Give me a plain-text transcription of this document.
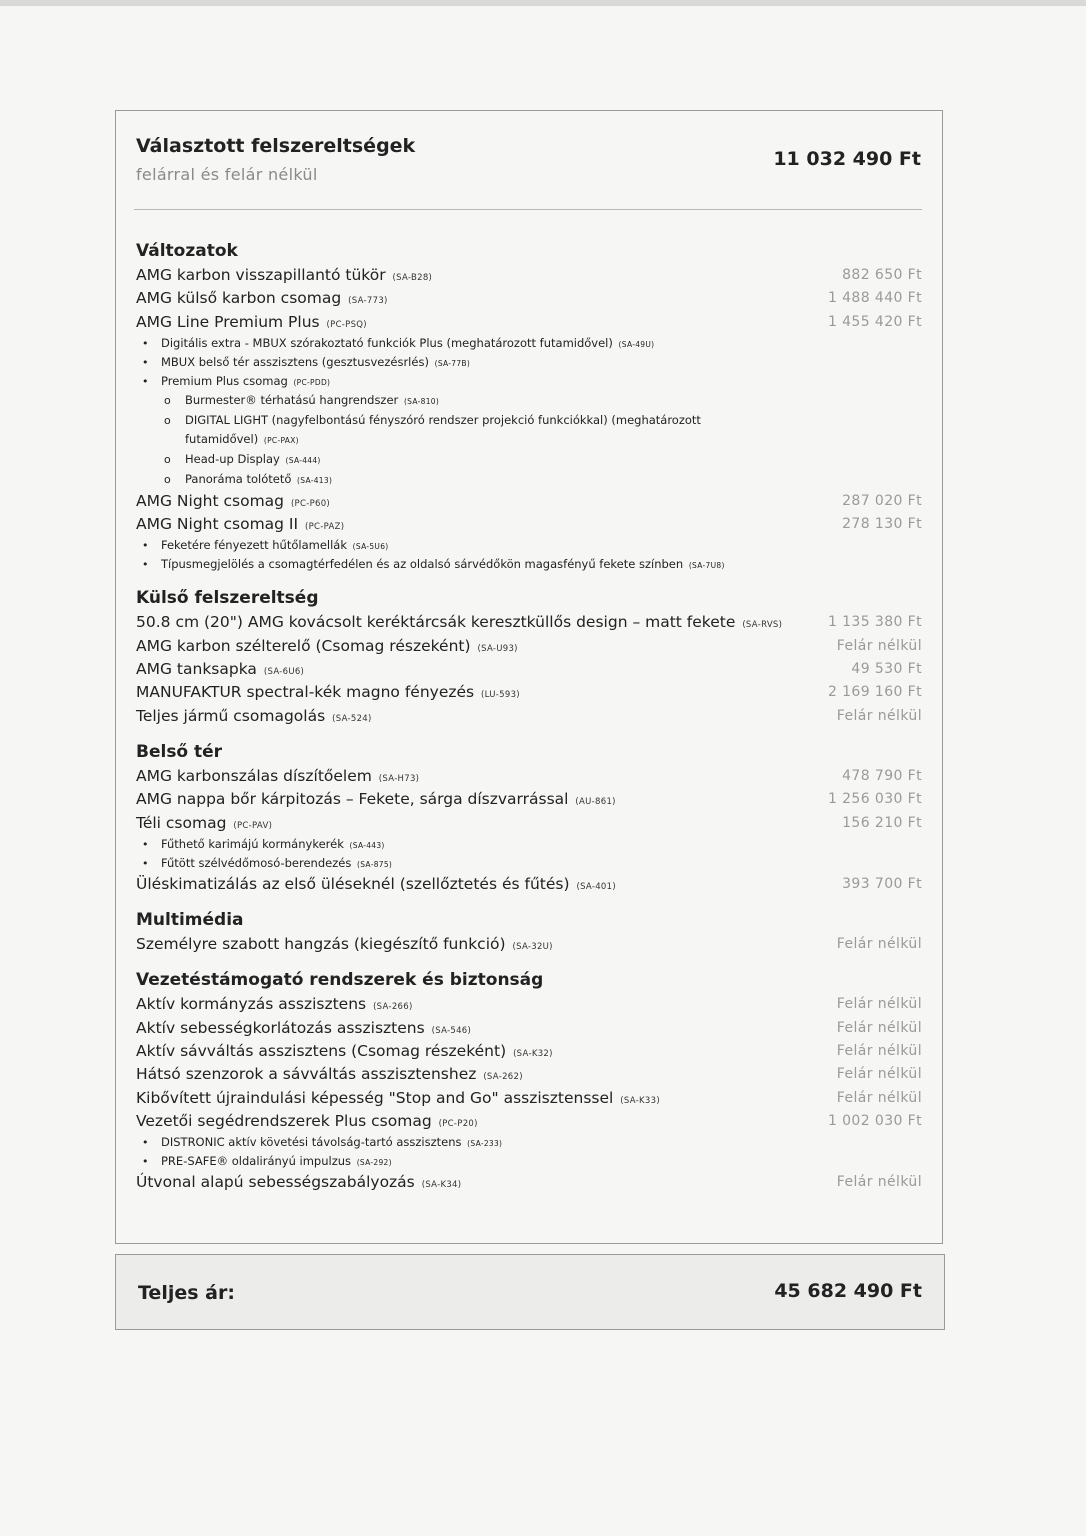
Választott felszereltségek
felárral és felár nélkül
11 032 490 Ft
Változatok
AMG karbon visszapillantó tükör (SA-B28)	882 650 Ft
AMG külső karbon csomag (SA-773)	1 488 440 Ft
AMG Line Premium Plus (PC-PSQ)	1 455 420 Ft
• Digitális extra - MBUX szórakoztató funkciók Plus (meghatározott futamidővel) (SA-49U)
• MBUX belső tér asszisztens (gesztusvezésrlés) (SA-77B)
• Premium Plus csomag (PC-PDD)
o Burmester® térhatású hangrendszer (SA-810)
o DIGITAL LIGHT (nagyfelbontású fényszóró rendszer projekció funkciókkal) (meghatározott futamidővel) (PC-PAX)
o Head-up Display (SA-444)
o Panoráma tolótető (SA-413)
AMG Night csomag (PC-P60)	287 020 Ft
AMG Night csomag II (PC-PAZ)	278 130 Ft
• Feketére fényezett hűtőlamellák (SA-5U6)
• Típusmegjelölés a csomagtérfedélen és az oldalsó sárvédőkön magasfényű fekete színben (SA-7U8)
Külső felszereltség
50.8 cm (20") AMG kovácsolt keréktárcsák keresztküllős design – matt fekete (SA-RVS)	1 135 380 Ft
AMG karbon szélterelő (Csomag részeként) (SA-U93)	Felár nélkül
AMG tanksapka (SA-6U6)	49 530 Ft
MANUFAKTUR spectral-kék magno fényezés (LU-593)	2 169 160 Ft
Teljes jármű csomagolás (SA-524)	Felár nélkül
Belső tér
AMG karbonszálas díszítőelem (SA-H73)	478 790 Ft
AMG nappa bőr kárpitozás – Fekete, sárga díszvarrással (AU-861)	1 256 030 Ft
Téli csomag (PC-PAV)	156 210 Ft
• Fűthető karimájú kormánykerék (SA-443)
• Fűtött szélvédőmosó-berendezés (SA-875)
Üléskimatizálás az első üléseknél (szellőztetés és fűtés) (SA-401)	393 700 Ft
Multimédia
Személyre szabott hangzás (kiegészítő funkció) (SA-32U)	Felár nélkül
Vezetéstámogató rendszerek és biztonság
Aktív kormányzás asszisztens (SA-266)	Felár nélkül
Aktív sebességkorlátozás asszisztens (SA-546)	Felár nélkül
Aktív sávváltás asszisztens (Csomag részeként) (SA-K32)	Felár nélkül
Hátsó szenzorok a sávváltás asszisztenshez (SA-262)	Felár nélkül
Kibővített újraindulási képesség "Stop and Go" asszisztenssel (SA-K33)	Felár nélkül
Vezetői segédrendszerek Plus csomag (PC-P20)	1 002 030 Ft
• DISTRONIC aktív követési távolság-tartó asszisztens (SA-233)
• PRE-SAFE® oldalirányú impulzus (SA-292)
Útvonal alapú sebességszabályozás (SA-K34)	Felár nélkül
Teljes ár:	45 682 490 Ft
